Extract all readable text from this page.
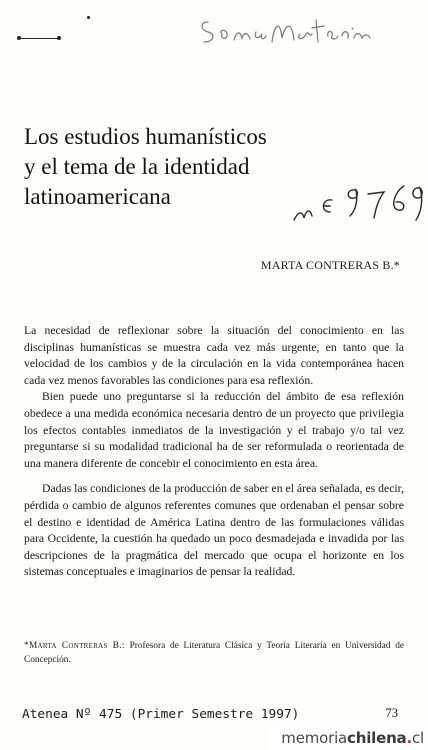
Los estudios humanísticos
y el tema de la identidad
latinoamericana
MARTA CONTRERAS B.*

La necesidad de reflexionar sobre la situación del conocimiento en las disciplinas humanísticas se muestra cada vez más urgente, en tanto que la velocidad de los cambios y de la circulación en la vida contemporánea hacen cada vez menos favorables las condiciones para esa reflexión.

Bien puede uno preguntarse si la reducción del ámbito de esa reflexión obedece a una medida económica necesaria dentro de un proyecto que privilegia los efectos contables inmediatos de la investigación y el trabajo y/o tal vez preguntarse si su modalidad tradicional ha de ser reformulada o reorientada de una manera diferente de concebir el conocimiento en esta área.

Dadas las condiciones de la producción de saber en el área señalada, es decir, pérdida o cambio de algunos referentes comunes que ordenaban el pensar sobre el destino e identidad de América Latina dentro de las formulaciones válidas para Occidente, la cuestión ha quedado un poco desmadejada e invadida por las descripciones de la pragmática del mercado que ocupa el horizonte en los sistemas conceptuales e imaginarios de pensar la realidad.

*Marta Contreras B.: Profesora de Literatura Clásica y Teoría Literaria en Universidad de Concepción.
Atenea Nº 475 (Primer Semestre 1997)	73
memoriachilena.cl
